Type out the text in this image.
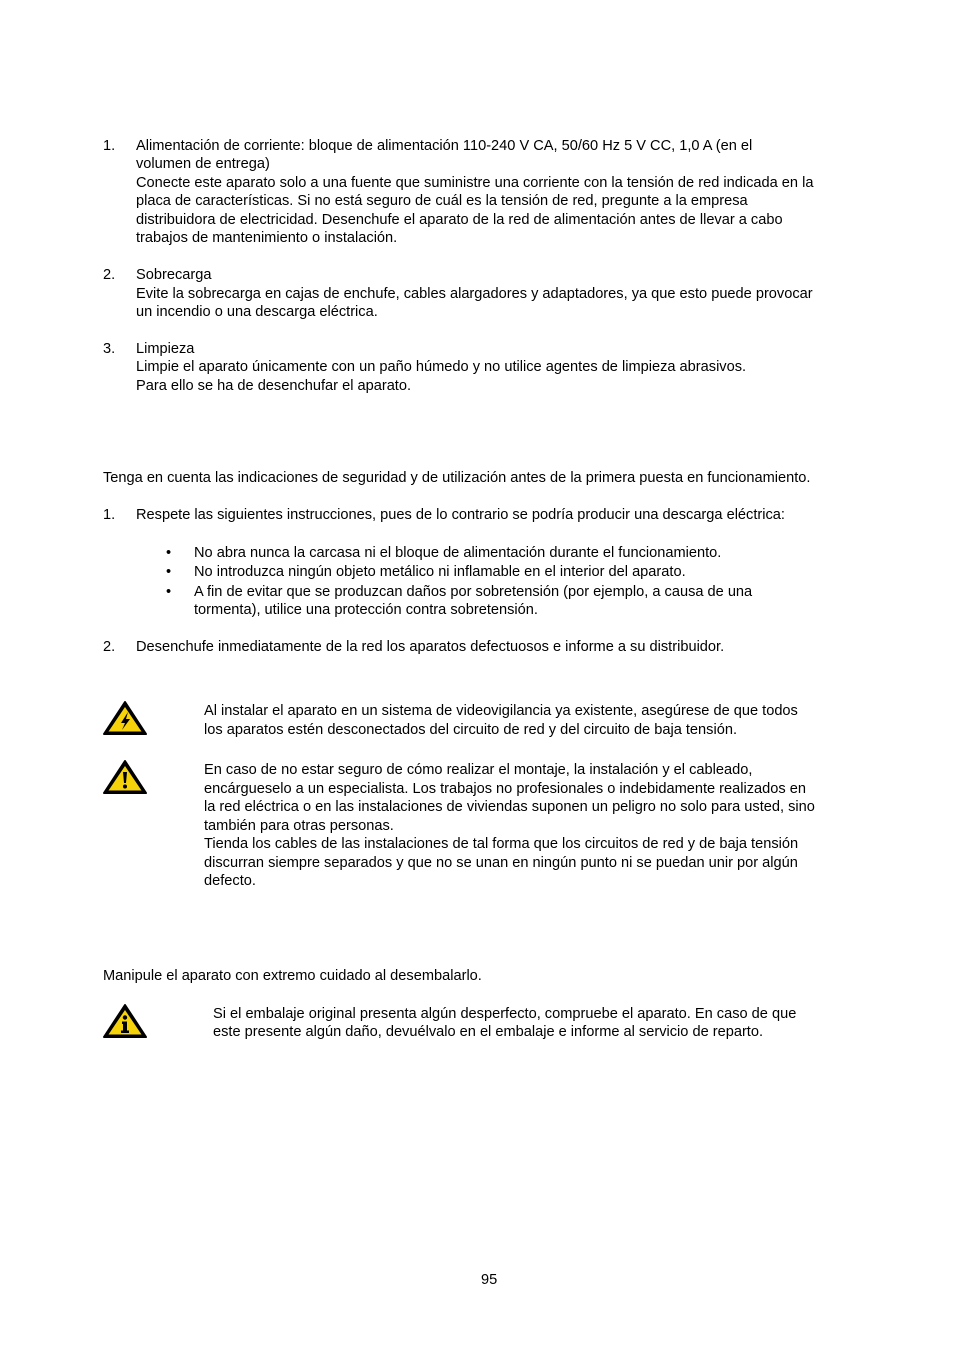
1. Alimentación de corriente: bloque de alimentación 110-240 V CA, 50/60 Hz 5 V CC, 1,0 A (en el
volumen de entrega)
Conecte este aparato solo a una fuente que suministre una corriente con la tensión de red indicada en la
placa de características. Si no está seguro de cuál es la tensión de red, pregunte a la empresa
distribuidora de electricidad. Desenchufe el aparato de la red de alimentación antes de llevar a cabo
trabajos de mantenimiento o instalación.
2. Sobrecarga
Evite la sobrecarga en cajas de enchufe, cables alargadores y adaptadores, ya que esto puede provocar
un incendio o una descarga eléctrica.
3. Limpieza
Limpie el aparato únicamente con un paño húmedo y no utilice agentes de limpieza abrasivos.
Para ello se ha de desenchufar el aparato.
Tenga en cuenta las indicaciones de seguridad y de utilización antes de la primera puesta en funcionamiento.
1. Respete las siguientes instrucciones, pues de lo contrario se podría producir una descarga eléctrica:
• No abra nunca la carcasa ni el bloque de alimentación durante el funcionamiento.
• No introduzca ningún objeto metálico ni inflamable en el interior del aparato.
• A fin de evitar que se produzcan daños por sobretensión (por ejemplo, a causa de una
tormenta), utilice una protección contra sobretensión.
2. Desenchufe inmediatamente de la red los aparatos defectuosos e informe a su distribuidor.
Al instalar el aparato en un sistema de videovigilancia ya existente, asegúrese de que todos
los aparatos estén desconectados del circuito de red y del circuito de baja tensión.
En caso de no estar seguro de cómo realizar el montaje, la instalación y el cableado,
encárgueselo a un especialista. Los trabajos no profesionales o indebidamente realizados en
la red eléctrica o en las instalaciones de viviendas suponen un peligro no solo para usted, sino
también para otras personas.
Tienda los cables de las instalaciones de tal forma que los circuitos de red y de baja tensión
discurran siempre separados y que no se unan en ningún punto ni se puedan unir por algún
defecto.
Manipule el aparato con extremo cuidado al desembalarlo.
Si el embalaje original presenta algún desperfecto, compruebe el aparato. En caso de que
este presente algún daño, devuélvalo en el embalaje e informe al servicio de reparto.
95
